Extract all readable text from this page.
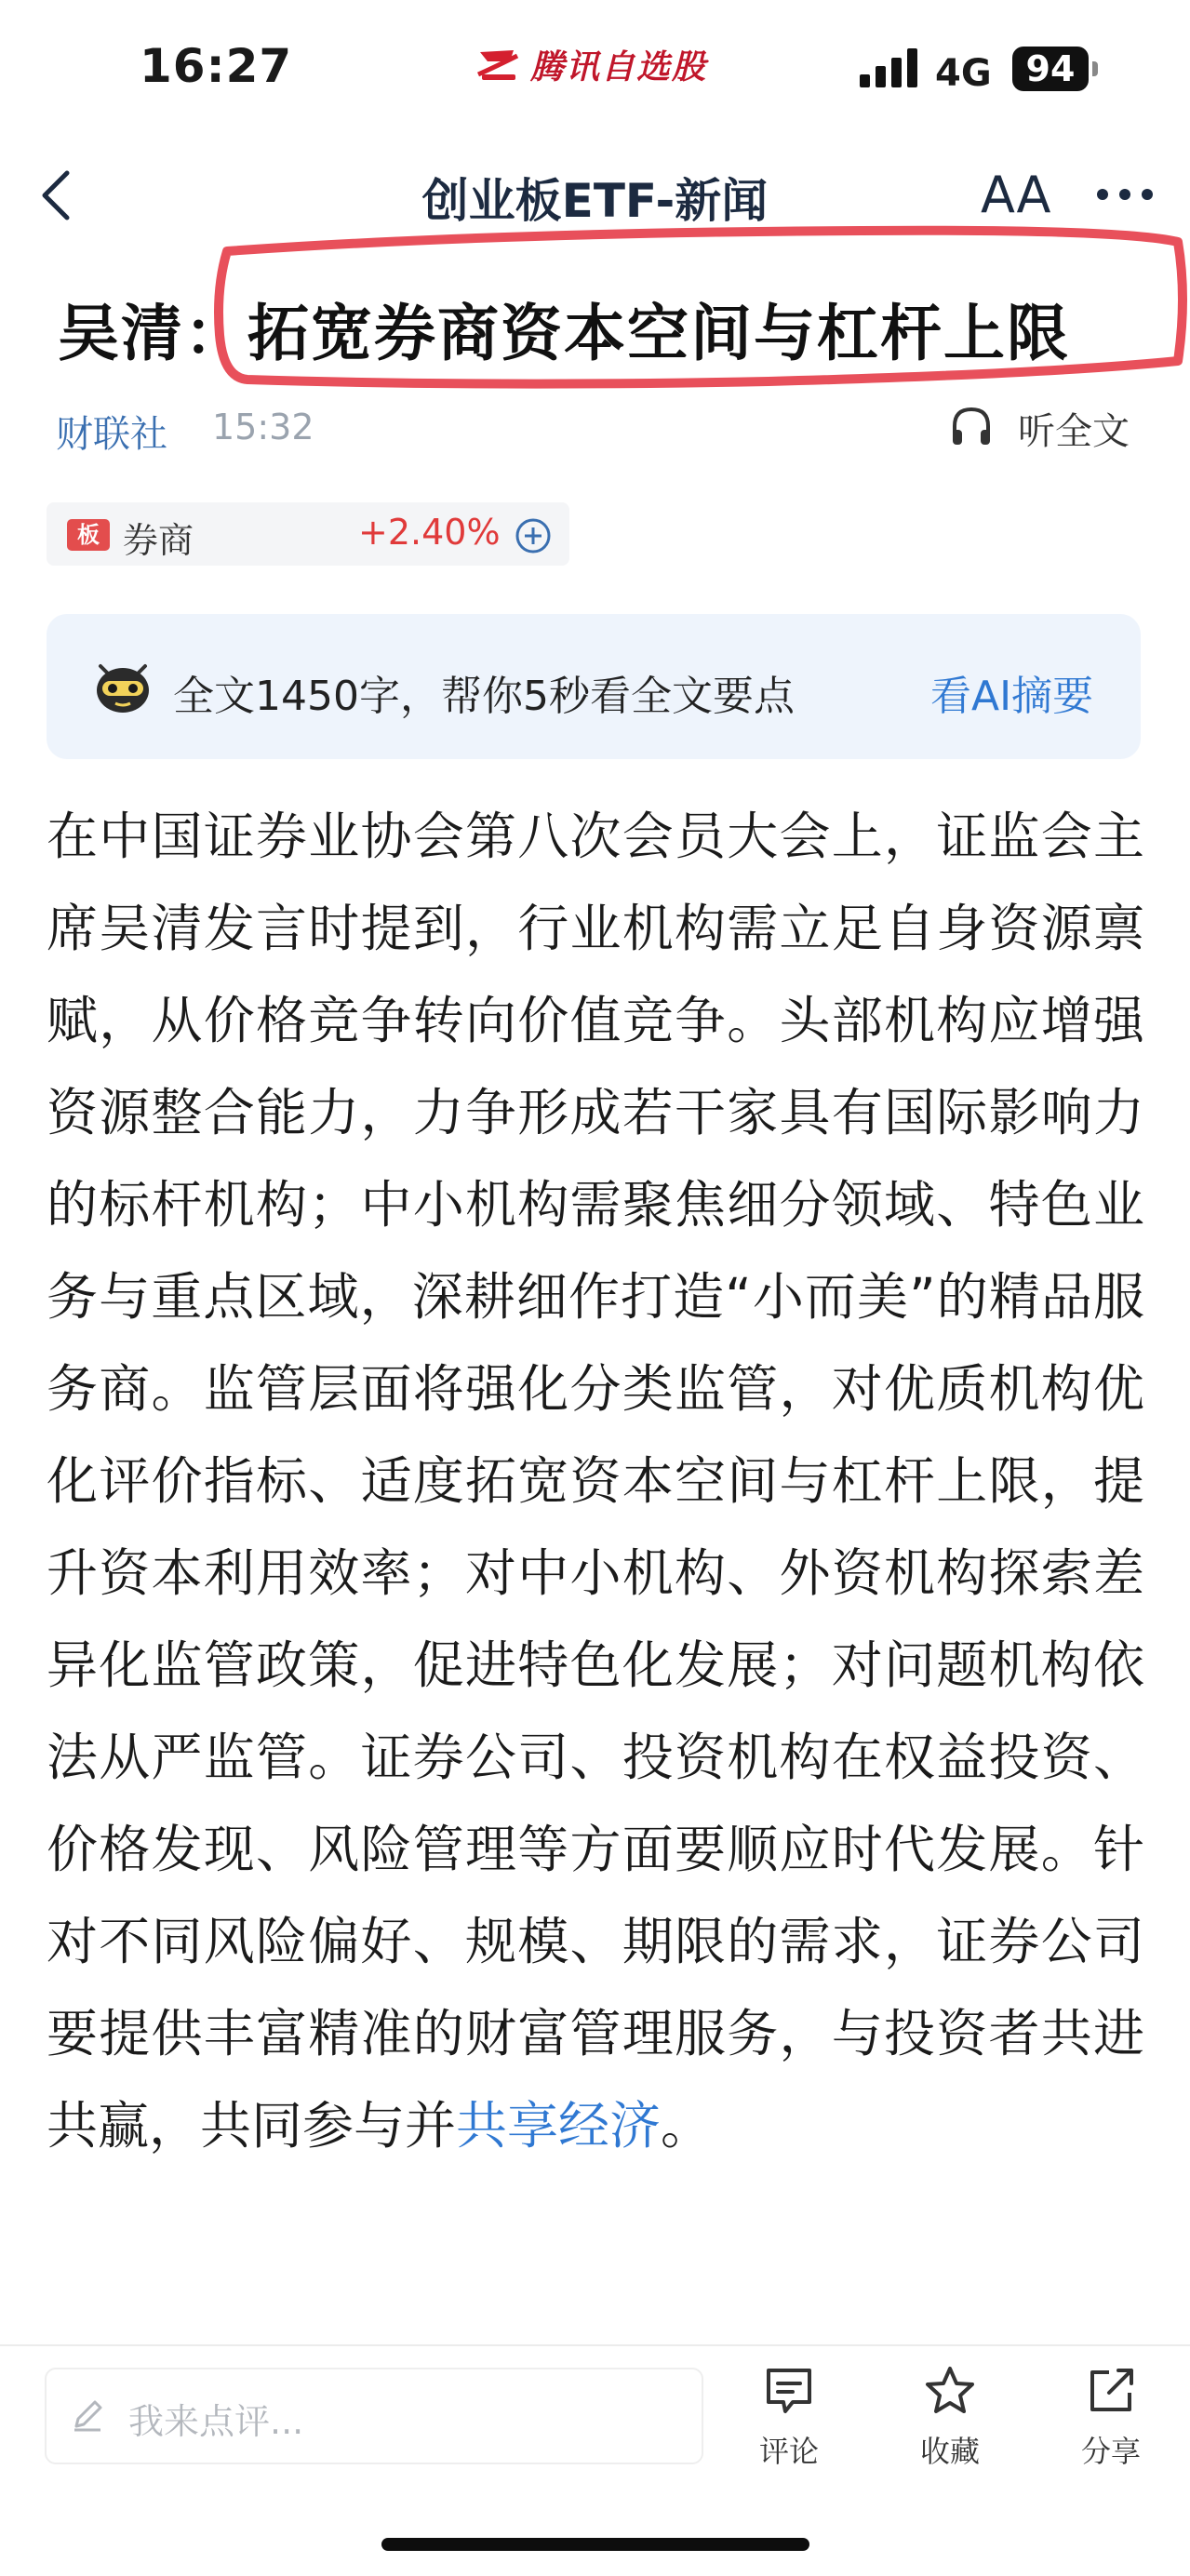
16:27	腾讯自选股	4G 94
创业板ETF-新闻	AA
吴清：拓宽券商资本空间与杠杆上限
财联社 15:32	听全文
板 券商	+2.40%
全文1450字，帮你5秒看全文要点	看AI摘要

在中国证券业协会第八次会员大会上，证监会主席吴清发言时提到，行业机构需立足自身资源禀赋，从价格竞争转向价值竞争。头部机构应增强资源整合能力，力争形成若干家具有国际影响力的标杆机构；中小机构需聚焦细分领域、特色业务与重点区域，深耕细作打造“小而美”的精品服务商。监管层面将强化分类监管，对优质机构优化评价指标、适度拓宽资本空间与杠杆上限，提升资本利用效率；对中小机构、外资机构探索差异化监管政策，促进特色化发展；对问题机构依法从严监管。证券公司、投资机构在权益投资、价格发现、风险管理等方面要顺应时代发展。针对不同风险偏好、规模、期限的需求，证券公司要提供丰富精准的财富管理服务，与投资者共进共赢，共同参与并共享经济。

我来点评...
评论	收藏	分享
